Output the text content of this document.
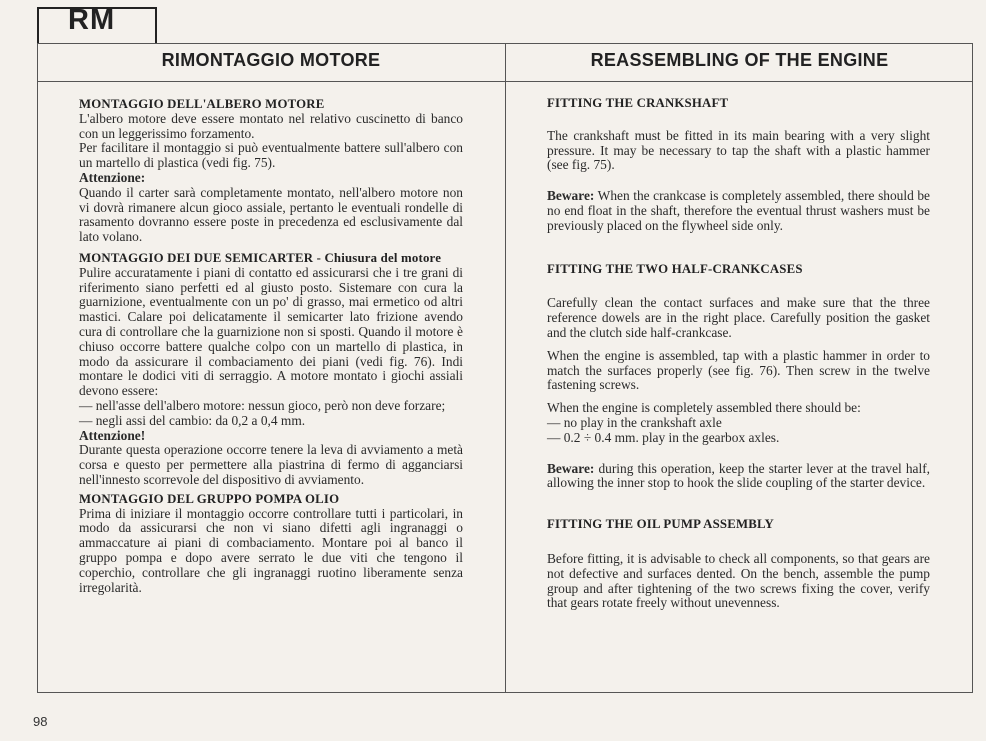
RM
RIMONTAGGIO MOTORE	REASSEMBLING OF THE ENGINE

MONTAGGIO DELL'ALBERO MOTORE

L'albero motore deve essere montato nel relativo cuscinetto di banco con un leggerissimo forzamento.

Per facilitare il montaggio si può eventualmente battere sull'albero con un martello di plastica (vedi fig. 75).

Attenzione:

Quando il carter sarà completamente montato, nell'albero motore non vi dovrà rimanere alcun gioco assiale, pertanto le eventuali rondelle di rasamento dovranno essere poste in precedenza ed esclusivamente dal lato volano.

MONTAGGIO DEI DUE SEMICARTER - Chiusura del motore

Pulire accuratamente i piani di contatto ed assicurarsi che i tre grani di riferimento siano perfetti ed al giusto posto. Sistemare con cura la guarnizione, eventualmente con un po' di grasso, mai ermetico od altri mastici. Calare poi delicatamente il semicarter lato frizione avendo cura di controllare che la guarnizione non si sposti. Quando il motore è chiuso occorre battere qualche colpo con un martello di plastica, in modo da assicurare il combaciamento dei piani (vedi fig. 76). Indi montare le dodici viti di serraggio. A motore montato i giochi assiali devono essere:

— nell'asse dell'albero motore: nessun gioco, però non deve forzare;

— negli assi del cambio: da 0,2 a 0,4 mm.

Attenzione!

Durante questa operazione occorre tenere la leva di avviamento a metà corsa e questo per permettere alla piastrina di fermo di agganciarsi nell'innesto scorrevole del dispositivo di avviamento.

MONTAGGIO DEL GRUPPO POMPA OLIO

Prima di iniziare il montaggio occorre controllare tutti i particolari, in modo da assicurarsi che non vi siano difetti agli ingranaggi o ammaccature ai piani di combaciamento. Montare poi al banco il gruppo pompa e dopo avere serrato le due viti che tengono il coperchio, controllare che gli ingranaggi ruotino liberamente senza irregolarità.

FITTING THE CRANKSHAFT

The crankshaft must be fitted in its main bearing with a very slight pressure. It may be necessary to tap the shaft with a plastic hammer (see fig. 75).

Beware: When the crankcase is completely assembled, there should be no end float in the shaft, therefore the eventual thrust washers must be previously placed on the flywheel side only.

FITTING THE TWO HALF-CRANKCASES

Carefully clean the contact surfaces and make sure that the three reference dowels are in the right place. Carefully position the gasket and the clutch side half-crankcase.

When the engine is assembled, tap with a plastic hammer in order to match the surfaces properly (see fig. 76). Then screw in the twelve fastening screws.

When the engine is completely assembled there should be:

— no play in the crankshaft axle

— 0.2 ÷ 0.4 mm. play in the gearbox axles.

Beware: during this operation, keep the starter lever at the travel half, allowing the inner stop to hook the slide coupling of the starter device.

FITTING THE OIL PUMP ASSEMBLY

Before fitting, it is advisable to check all components, so that gears are not defective and surfaces dented. On the bench, assemble the pump group and after tightening of the two screws fixing the cover, verify that gears rotate freely without unevenness.

98
